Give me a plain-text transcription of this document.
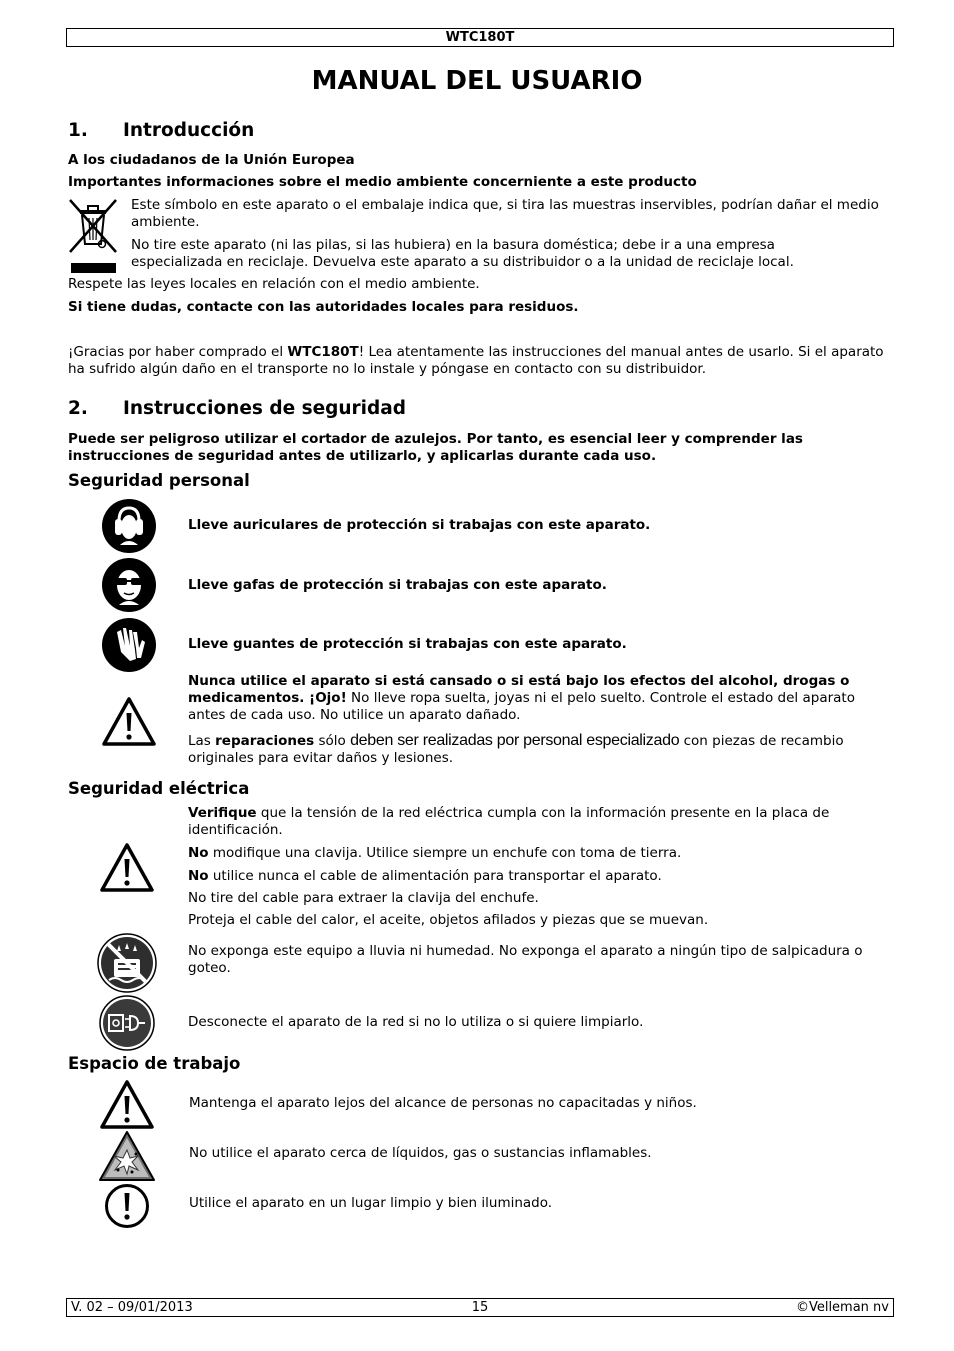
WTC180T
MANUAL DEL USUARIO
1. Introducción
A los ciudadanos de la Unión Europea
Importantes informaciones sobre el medio ambiente concerniente a este producto
Este símbolo en este aparato o el embalaje indica que, si tira las muestras inservibles, podrían dañar el medio ambiente.
No tire este aparato (ni las pilas, si las hubiera) en la basura doméstica; debe ir a una empresa especializada en reciclaje. Devuelva este aparato a su distribuidor o a la unidad de reciclaje local.
Respete las leyes locales en relación con el medio ambiente.
Si tiene dudas, contacte con las autoridades locales para residuos.
¡Gracias por haber comprado el WTC180T! Lea atentamente las instrucciones del manual antes de usarlo. Si el aparato ha sufrido algún daño en el transporte no lo instale y póngase en contacto con su distribuidor.
2. Instrucciones de seguridad
Puede ser peligroso utilizar el cortador de azulejos. Por tanto, es esencial leer y comprender las instrucciones de seguridad antes de utilizarlo, y aplicarlas durante cada uso.
Seguridad personal
Lleve auriculares de protección si trabajas con este aparato.
Lleve gafas de protección si trabajas con este aparato.
Lleve guantes de protección si trabajas con este aparato.
Nunca utilice el aparato si está cansado o si está bajo los efectos del alcohol, drogas o medicamentos. ¡Ojo! No lleve ropa suelta, joyas ni el pelo suelto. Controle el estado del aparato antes de cada uso. No utilice un aparato dañado.
Las reparaciones sólo deben ser realizadas por personal especializado con piezas de recambio originales para evitar daños y lesiones.
Seguridad eléctrica
Verifique que la tensión de la red eléctrica cumpla con la información presente en la placa de identificación.
No modifique una clavija. Utilice siempre un enchufe con toma de tierra.
No utilice nunca el cable de alimentación para transportar el aparato.
No tire del cable para extraer la clavija del enchufe.
Proteja el cable del calor, el aceite, objetos afilados y piezas que se muevan.
No exponga este equipo a lluvia ni humedad. No exponga el aparato a ningún tipo de salpicadura o goteo.
Desconecte el aparato de la red si no lo utiliza o si quiere limpiarlo.
Espacio de trabajo
Mantenga el aparato lejos del alcance de personas no capacitadas y niños.
No utilice el aparato cerca de líquidos, gas o sustancias inflamables.
Utilice el aparato en un lugar limpio y bien iluminado.
V. 02 – 09/01/2013	15	©Velleman nv
